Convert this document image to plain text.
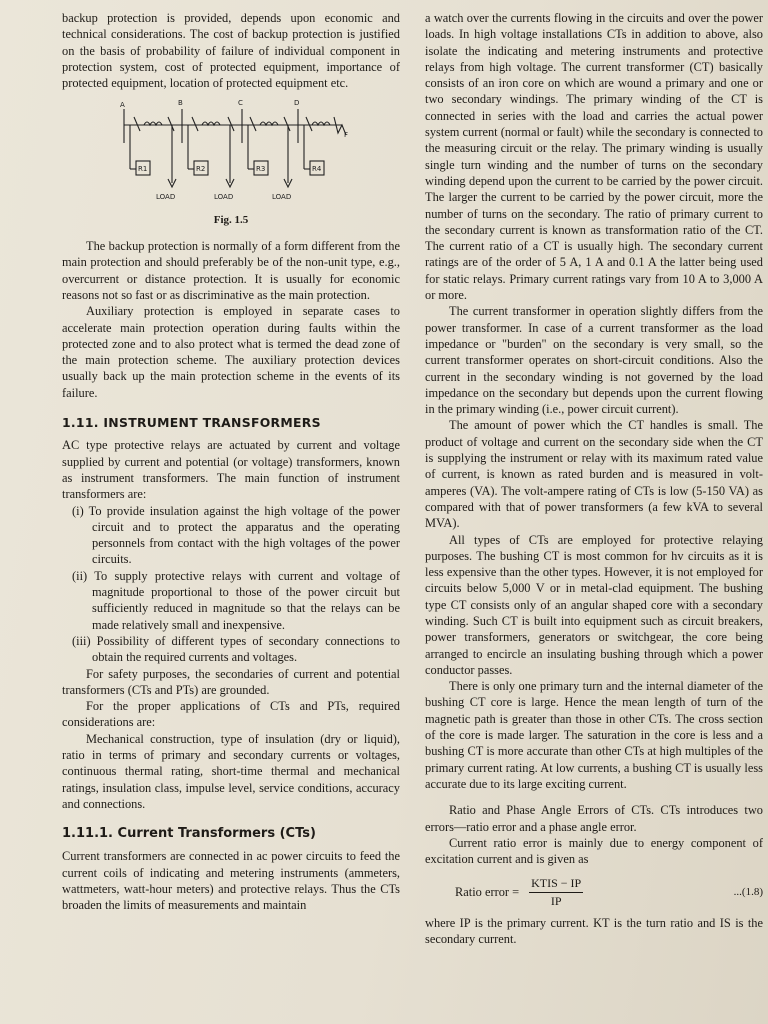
backup protection is provided, depends upon economic and technical considerations. The cost of backup protection is justified on the basis of probability of failure of individual component in protection system, cost of protected equipment, importance of protected equipment, location of protected equipment etc.

A	B	C	D
F
R1	R2	R3	R4
LOAD	LOAD	LOAD
Fig. 1.5

The backup protection is normally of a form different from the main protection and should preferably be of the non-unit type, e.g., overcurrent or distance protection. It is usually for economic reasons not so fast or as discriminative as the main protection.

Auxiliary protection is employed in separate cases to accelerate main protection operation during faults within the protected zone and to also protect what is termed the dead zone of the main protection scheme. The auxiliary protection devices usually back up the main protection scheme in the events of its failure.

1.11. INSTRUMENT TRANSFORMERS

AC type protective relays are actuated by current and voltage supplied by current and potential (or voltage) transformers, known as instrument transformers. The main function of instrument transformers are:

(i) To provide insulation against the high voltage of the power circuit and to protect the apparatus and the operating personnels from contact with the high voltages of the power circuits.

(ii) To supply protective relays with current and voltage of magnitude proportional to those of the power circuit but sufficiently reduced in magnitude so that the relays can be made relatively small and inexpensive.

(iii) Possibility of different types of secondary connections to obtain the required currents and voltages.

For safety purposes, the secondaries of current and potential transformers (CTs and PTs) are grounded.

For the proper applications of CTs and PTs, required considerations are:

Mechanical construction, type of insulation (dry or liquid), ratio in terms of primary and secondary currents or voltages, continuous thermal rating, short-time thermal and mechanical ratings, insulation class, impulse level, service conditions, accuracy and connections.

1.11.1. Current Transformers (CTs)

Current transformers are connected in ac power circuits to feed the current coils of indicating and metering instruments (ammeters, wattmeters, watt-hour meters) and protective relays. Thus the CTs broaden the limits of measurements and maintain

a watch over the currents flowing in the circuits and over the power loads. In high voltage installations CTs in addition to above, also isolate the indicating and metering instruments and protective relays from high voltage. The current transformer (CT) basically consists of an iron core on which are wound a primary and one or two secondary windings. The primary winding of the CT is connected in series with the load and carries the actual power system current (normal or fault) while the secondary is connected to the measuring circuit or the relay. The primary winding is usually single turn winding and the number of turns on the secondary winding depend upon the current to be carried by the power circuit. The larger the current to be carried by the power circuit, more the number of turns on the secondary. The ratio of primary current to the secondary current is known as transformation ratio of the CT. The current ratio of a CT is usually high. The secondary current ratings are of the order of 5 A, 1 A and 0.1 A the latter being used for static relays. Primary current ratings vary from 10 A to 3,000 A or more.

The current transformer in operation slightly differs from the power transformer. In case of a current transformer as the load impedance or "burden" on the secondary is very small, so the current transformer operates on short-circuit conditions. Also the current in the secondary winding is not governed by the load impedance on the secondary but depends upon the current flowing in the primary winding (i.e., power circuit current).

The amount of power which the CT handles is small. The product of voltage and current on the secondary side when the CT is supplying the instrument or relay with its maximum rated value of current, is known as rated burden and is measured in volt-amperes (VA). The volt-ampere rating of CTs is low (5-150 VA) as compared with that of power transformers (a few kVA to several MVA).

All types of CTs are employed for protective relaying purposes. The bushing CT is most common for hv circuits as it is less expensive than the other types. However, it is not employed for circuits below 5,000 V or in metal-clad equipment. The bushing type CT consists only of an angular shaped core with a secondary winding. Such CT is built into equipment such as circuit breakers, power transformers, generators or switchgear, the core being arranged to encircle an insulating bushing through which a power conductor passes.

There is only one primary turn and the internal diameter of the bushing CT core is large. Hence the mean length of turn of the magnetic path is greater than those in other CTs. The cross section of the core is made larger. The saturation in the core is less and a bushing CT is more accurate than other CTs at high multiples of the primary current rating. At low currents, a bushing CT is usually less accurate due to its large exciting current.

Ratio and Phase Angle Errors of CTs. CTs introduces two errors—ratio error and a phase angle error.

Current ratio error is mainly due to energy component of excitation current and is given as

Ratio error = $\frac{\text{KTIS − IP}}{IP}$	...(1.8)

where IP is the primary current. KT is the turn ratio and IS is the secondary current.
